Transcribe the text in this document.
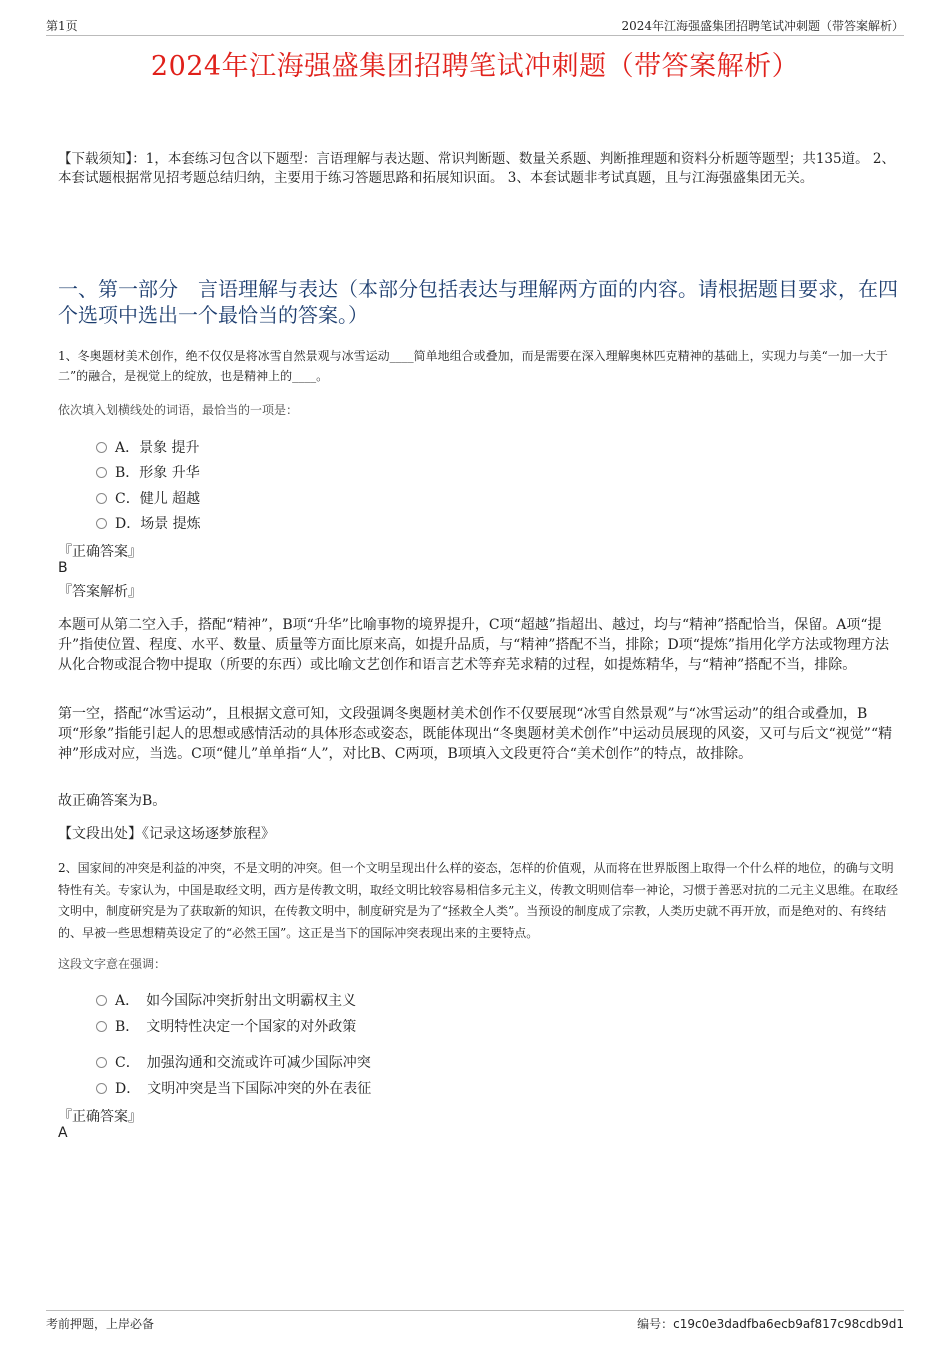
第1页	2024年江海强盛集团招聘笔试冲刺题（带答案解析）
2024年江海强盛集团招聘笔试冲刺题（带答案解析）
【下载须知】：1，本套练习包含以下题型：言语理解与表达题、常识判断题、数量关系题、判断推理题和资料分析题等题型；共135道。 2、本套试题根据常见招考题总结归纳，主要用于练习答题思路和拓展知识面。 3、本套试题非考试真题，且与江海强盛集团无关。
一、第一部分　言语理解与表达（本部分包括表达与理解两方面的内容。请根据题目要求，在四个选项中选出一个最恰当的答案。）
1、冬奥题材美术创作，绝不仅仅是将冰雪自然景观与冰雪运动____简单地组合或叠加，而是需要在深入理解奥林匹克精神的基础上，实现力与美“一加一大于二”的融合，是视觉上的绽放，也是精神上的____。
依次填入划横线处的词语，最恰当的一项是：
A．景象 提升
B．形象 升华
C．健儿 超越
D．场景 提炼
『正确答案』
B
『答案解析』
本题可从第二空入手，搭配“精神”，B项“升华”比喻事物的境界提升，C项“超越”指超出、越过，均与“精神”搭配恰当，保留。A项“提升”指使位置、程度、水平、数量、质量等方面比原来高，如提升品质，与“精神”搭配不当，排除；D项“提炼”指用化学方法或物理方法从化合物或混合物中提取（所要的东西）或比喻文艺创作和语言艺术等弃芜求精的过程，如提炼精华，与“精神”搭配不当，排除。
第一空，搭配“冰雪运动”，且根据文意可知，文段强调冬奥题材美术创作不仅要展现“冰雪自然景观”与“冰雪运动”的组合或叠加，B项“形象”指能引起人的思想或感情活动的具体形态或姿态，既能体现出“冬奥题材美术创作”中运动员展现的风姿，又可与后文“视觉”“精神”形成对应，当选。C项“健儿”单单指“人”，对比B、C两项，B项填入文段更符合“美术创作”的特点，故排除。
故正确答案为B。
【文段出处】《记录这场逐梦旅程》
2、国家间的冲突是利益的冲突，不是文明的冲突。但一个文明呈现出什么样的姿态，怎样的价值观，从而将在世界版图上取得一个什么样的地位，的确与文明特性有关。专家认为，中国是取经文明，西方是传教文明，取经文明比较容易相信多元主义，传教文明则信奉一神论，习惯于善恶对抗的二元主义思维。在取经文明中，制度研究是为了获取新的知识，在传教文明中，制度研究是为了“拯救全人类”。当预设的制度成了宗教，人类历史就不再开放，而是绝对的、有终结的、早被一些思想精英设定了的“必然王国”。这正是当下的国际冲突表现出来的主要特点。
这段文字意在强调：
A．　如今国际冲突折射出文明霸权主义
B．　文明特性决定一个国家的对外政策
C．　加强沟通和交流或许可减少国际冲突
D．　文明冲突是当下国际冲突的外在表征
『正确答案』
A
考前押题，上岸必备	编号：c19c0e3dadfba6ecb9af817c98cdb9d1
